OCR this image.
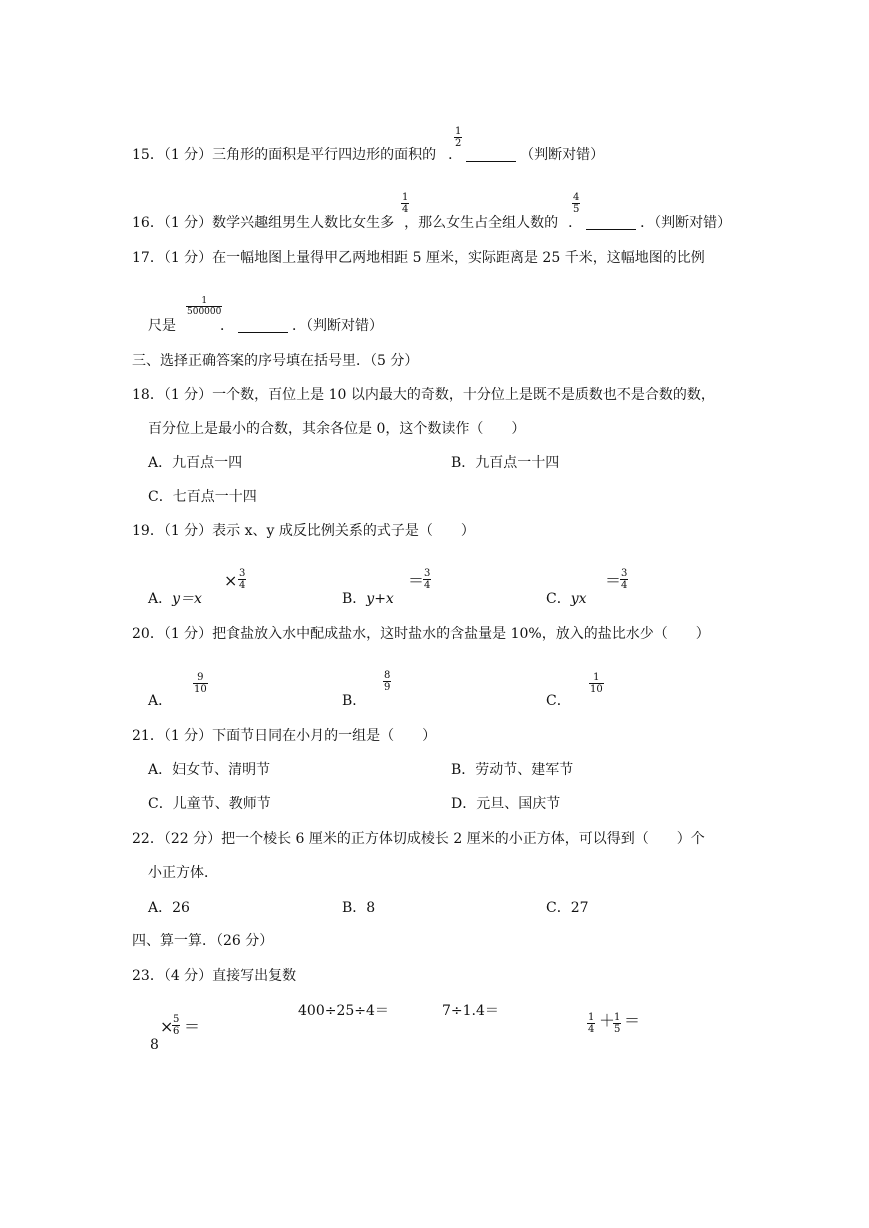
15．（1 分）三角形的面积是平行四边形的面积的 ．	（判断对错）
$\frac{1}{2}$
16．（1 分）数学兴趣组男生人数比女生多 ，那么女生占全组人数的 ．	．（判断对错）
$\frac{1}{4}$	$\frac{4}{5}$
17．（1 分）在一幅地图上量得甲乙两地相距 5 厘米，实际距离是 25 千米，这幅地图的比例
尺是	．	．（判断对错）
$\frac{1}{500000}$
三、选择正确答案的序号填在括号里．（5 分）
18．（1 分）一个数，百位上是 10 以内最大的奇数，十分位上是既不是质数也不是合数的数，
百分位上是最小的合数，其余各位是 0，这个数读作（　　）
A．九百点一四	B．九百点一十四
C．七百点一十四
19．（1 分）表示 x、y 成反比例关系的式子是（　　）
A．y＝x
× $\frac{3}{4}$
B．y+x
＝
$\frac{3}{4}$
C．yx
＝
$\frac{3}{4}$
20．（1 分）把食盐放入水中配成盐水，这时盐水的含盐量是 10%，放入的盐比水少（　　）
A．
$\frac{9}{10}$
B．
$\frac{8}{9}$
C．
$\frac{1}{10}$
21．（1 分）下面节日同在小月的一组是（　　）
A．妇女节、清明节	B．劳动节、建军节
C．儿童节、教师节	D．元旦、国庆节
22．（22 分）把一个棱长 6 厘米的正方体切成棱长 2 厘米的小正方体，可以得到（　　）个
小正方体．
A．26	B．8	C．27
四、算一算．（26 分）
23．（4 分）直接写出复数
8
×
$\frac{5}{6}$ ＝
400÷25÷4＝	7÷1.4＝
$\frac{1}{4}$ ＋
$\frac{1}{5}$ ＝
